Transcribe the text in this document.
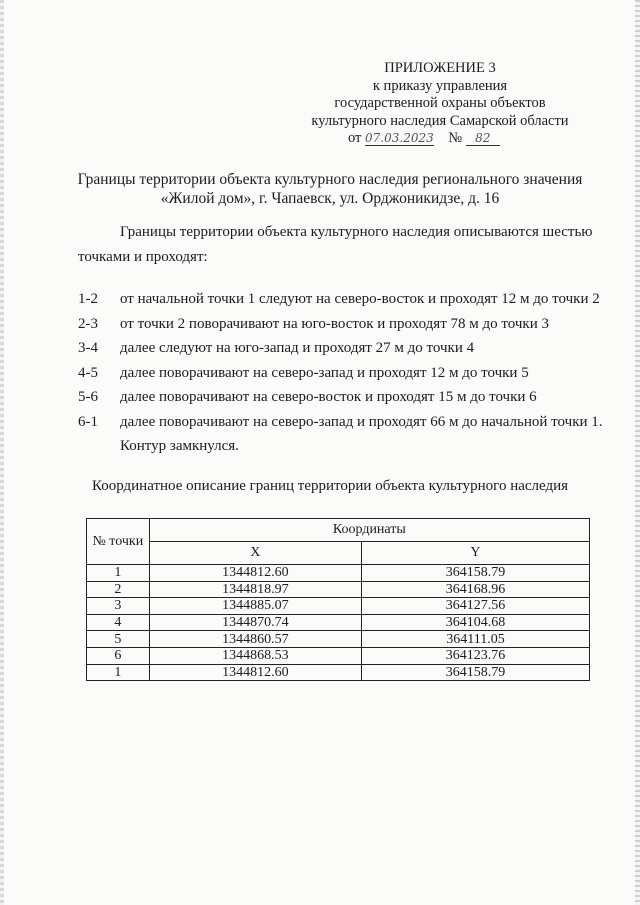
ПРИЛОЖЕНИЕ 3
к приказу управления
государственной охраны объектов
культурного наследия Самарской области
от 07.03.2023 № 82
Границы территории объекта культурного наследия регионального значения
«Жилой дом», г. Чапаевск, ул. Орджоникидзе, д. 16
Границы территории объекта культурного наследия описываются шестью
точками и проходят:
1-2 от начальной точки 1 следуют на северо-восток и проходят 12 м до точки 2
2-3 от точки 2 поворачивают на юго-восток и проходят 78 м до точки 3
3-4 далее следуют на юго-запад и проходят 27 м до точки 4
4-5 далее поворачивают на северо-запад и проходят 12 м до точки 5
5-6 далее поворачивают на северо-восток и проходят 15 м до точки 6
6-1 далее поворачивают на северо-запад и проходят 66 м до начальной точки 1.
Контур замкнулся.
Координатное описание границ территории объекта культурного наследия
№ точки	Координаты	
	X	Y
1	1344812.60	364158.79
2	1344818.97	364168.96
3	1344885.07	364127.56
4	1344870.74	364104.68
5	1344860.57	364111.05
6	1344868.53	364123.76
1	1344812.60	364158.79
